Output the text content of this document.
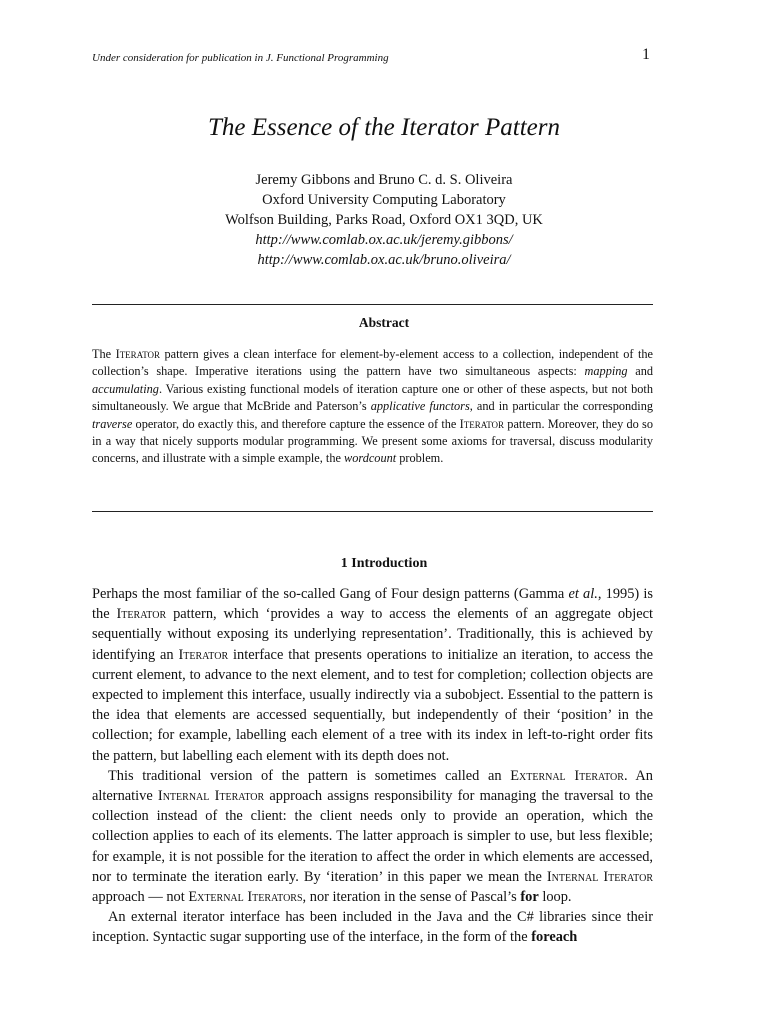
Under consideration for publication in J. Functional Programming	1
The Essence of the Iterator Pattern
Jeremy Gibbons and Bruno C. d. S. Oliveira
Oxford University Computing Laboratory
Wolfson Building, Parks Road, Oxford OX1 3QD, UK
http://www.comlab.ox.ac.uk/jeremy.gibbons/
http://www.comlab.ox.ac.uk/bruno.oliveira/
Abstract

The Iterator pattern gives a clean interface for element-by-element access to a collection, independent of the collection’s shape. Imperative iterations using the pattern have two simultaneous aspects: mapping and accumulating. Various existing functional models of iteration capture one or other of these aspects, but not both simultaneously. We argue that McBride and Paterson’s applicative functors, and in particular the corresponding traverse operator, do exactly this, and therefore capture the essence of the Iterator pattern. Moreover, they do so in a way that nicely supports modular programming. We present some axioms for traversal, discuss modularity concerns, and illustrate with a simple example, the wordcount problem.

1 Introduction

Perhaps the most familiar of the so-called Gang of Four design patterns (Gamma et al., 1995) is the Iterator pattern, which ‘provides a way to access the elements of an aggregate object sequentially without exposing its underlying representation’. Traditionally, this is achieved by identifying an Iterator interface that presents operations to initialize an iteration, to access the current element, to advance to the next element, and to test for completion; collection objects are expected to implement this interface, usually indirectly via a subobject. Essential to the pattern is the idea that elements are accessed sequentially, but independently of their ‘position’ in the collection; for example, labelling each element of a tree with its index in left-to-right order fits the pattern, but labelling each element with its depth does not.

This traditional version of the pattern is sometimes called an External Iterator. An alternative Internal Iterator approach assigns responsibility for managing the traversal to the collection instead of the client: the client needs only to provide an operation, which the collection applies to each of its elements. The latter approach is simpler to use, but less flexible; for example, it is not possible for the iteration to affect the order in which elements are accessed, nor to terminate the iteration early. By ‘iteration’ in this paper we mean the Internal Iterator approach — not External Iterators, nor iteration in the sense of Pascal’s for loop.

An external iterator interface has been included in the Java and the C# libraries since their inception. Syntactic sugar supporting use of the interface, in the form of the foreach
